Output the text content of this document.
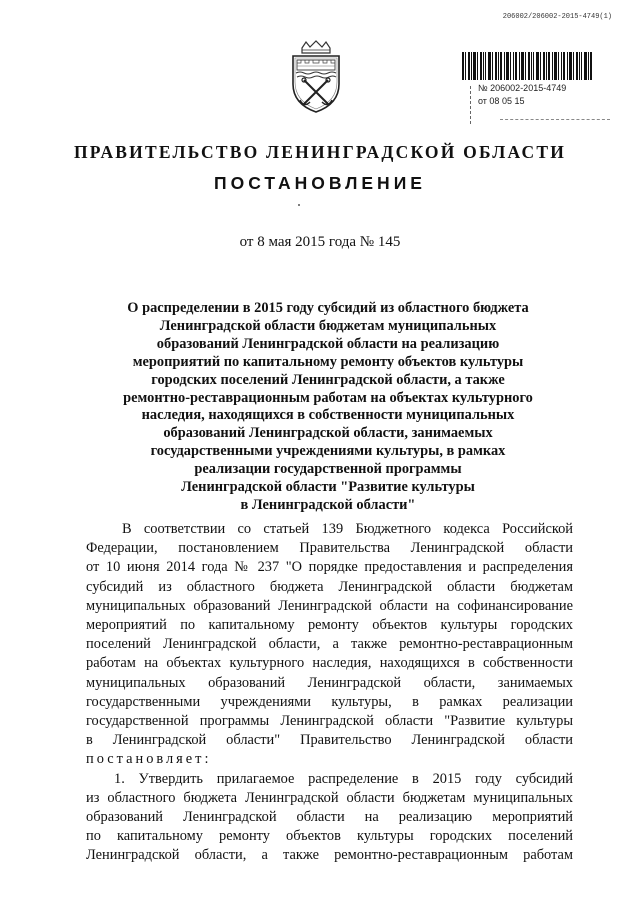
206002/206002-2015-4749(1)
№ 206002-2015-4749
от 08 05 15
ПРАВИТЕЛЬСТВО ЛЕНИНГРАДСКОЙ ОБЛАСТИ
ПОСТАНОВЛЕНИЕ
от 8 мая 2015 года № 145
О распределении в 2015 году субсидий из областного бюджета
Ленинградской области бюджетам муниципальных
образований Ленинградской области на реализацию
мероприятий по капитальному ремонту объектов культуры
городских поселений Ленинградской области, а также
ремонтно-реставрационным работам на объектах культурного
наследия, находящихся в собственности муниципальных
образований Ленинградской области, занимаемых
государственными учреждениями культуры, в рамках
реализации государственной программы
Ленинградской области "Развитие культуры
в Ленинградской области"
В соответствии со статьей 139 Бюджетного кодекса Российской
Федерации, постановлением Правительства Ленинградской области
от 10 июня 2014 года № 237 "О порядке предоставления и распределения
субсидий из областного бюджета Ленинградской области бюджетам
муниципальных образований Ленинградской области на софинансирование
мероприятий по капитальному ремонту объектов культуры городских
поселений Ленинградской области, а также ремонтно-реставрационным
работам на объектах культурного наследия, находящихся в собственности
муниципальных образований Ленинградской области, занимаемых
государственными учреждениями культуры, в рамках реализации
государственной программы Ленинградской области "Развитие культуры
в Ленинградской области" Правительство Ленинградской области
постановляет:
1. Утвердить прилагаемое распределение в 2015 году субсидий
из областного бюджета Ленинградской области бюджетам муниципальных
образований Ленинградской области на реализацию мероприятий
по капитальному ремонту объектов культуры городских поселений
Ленинградской области, а также ремонтно-реставрационным работам
